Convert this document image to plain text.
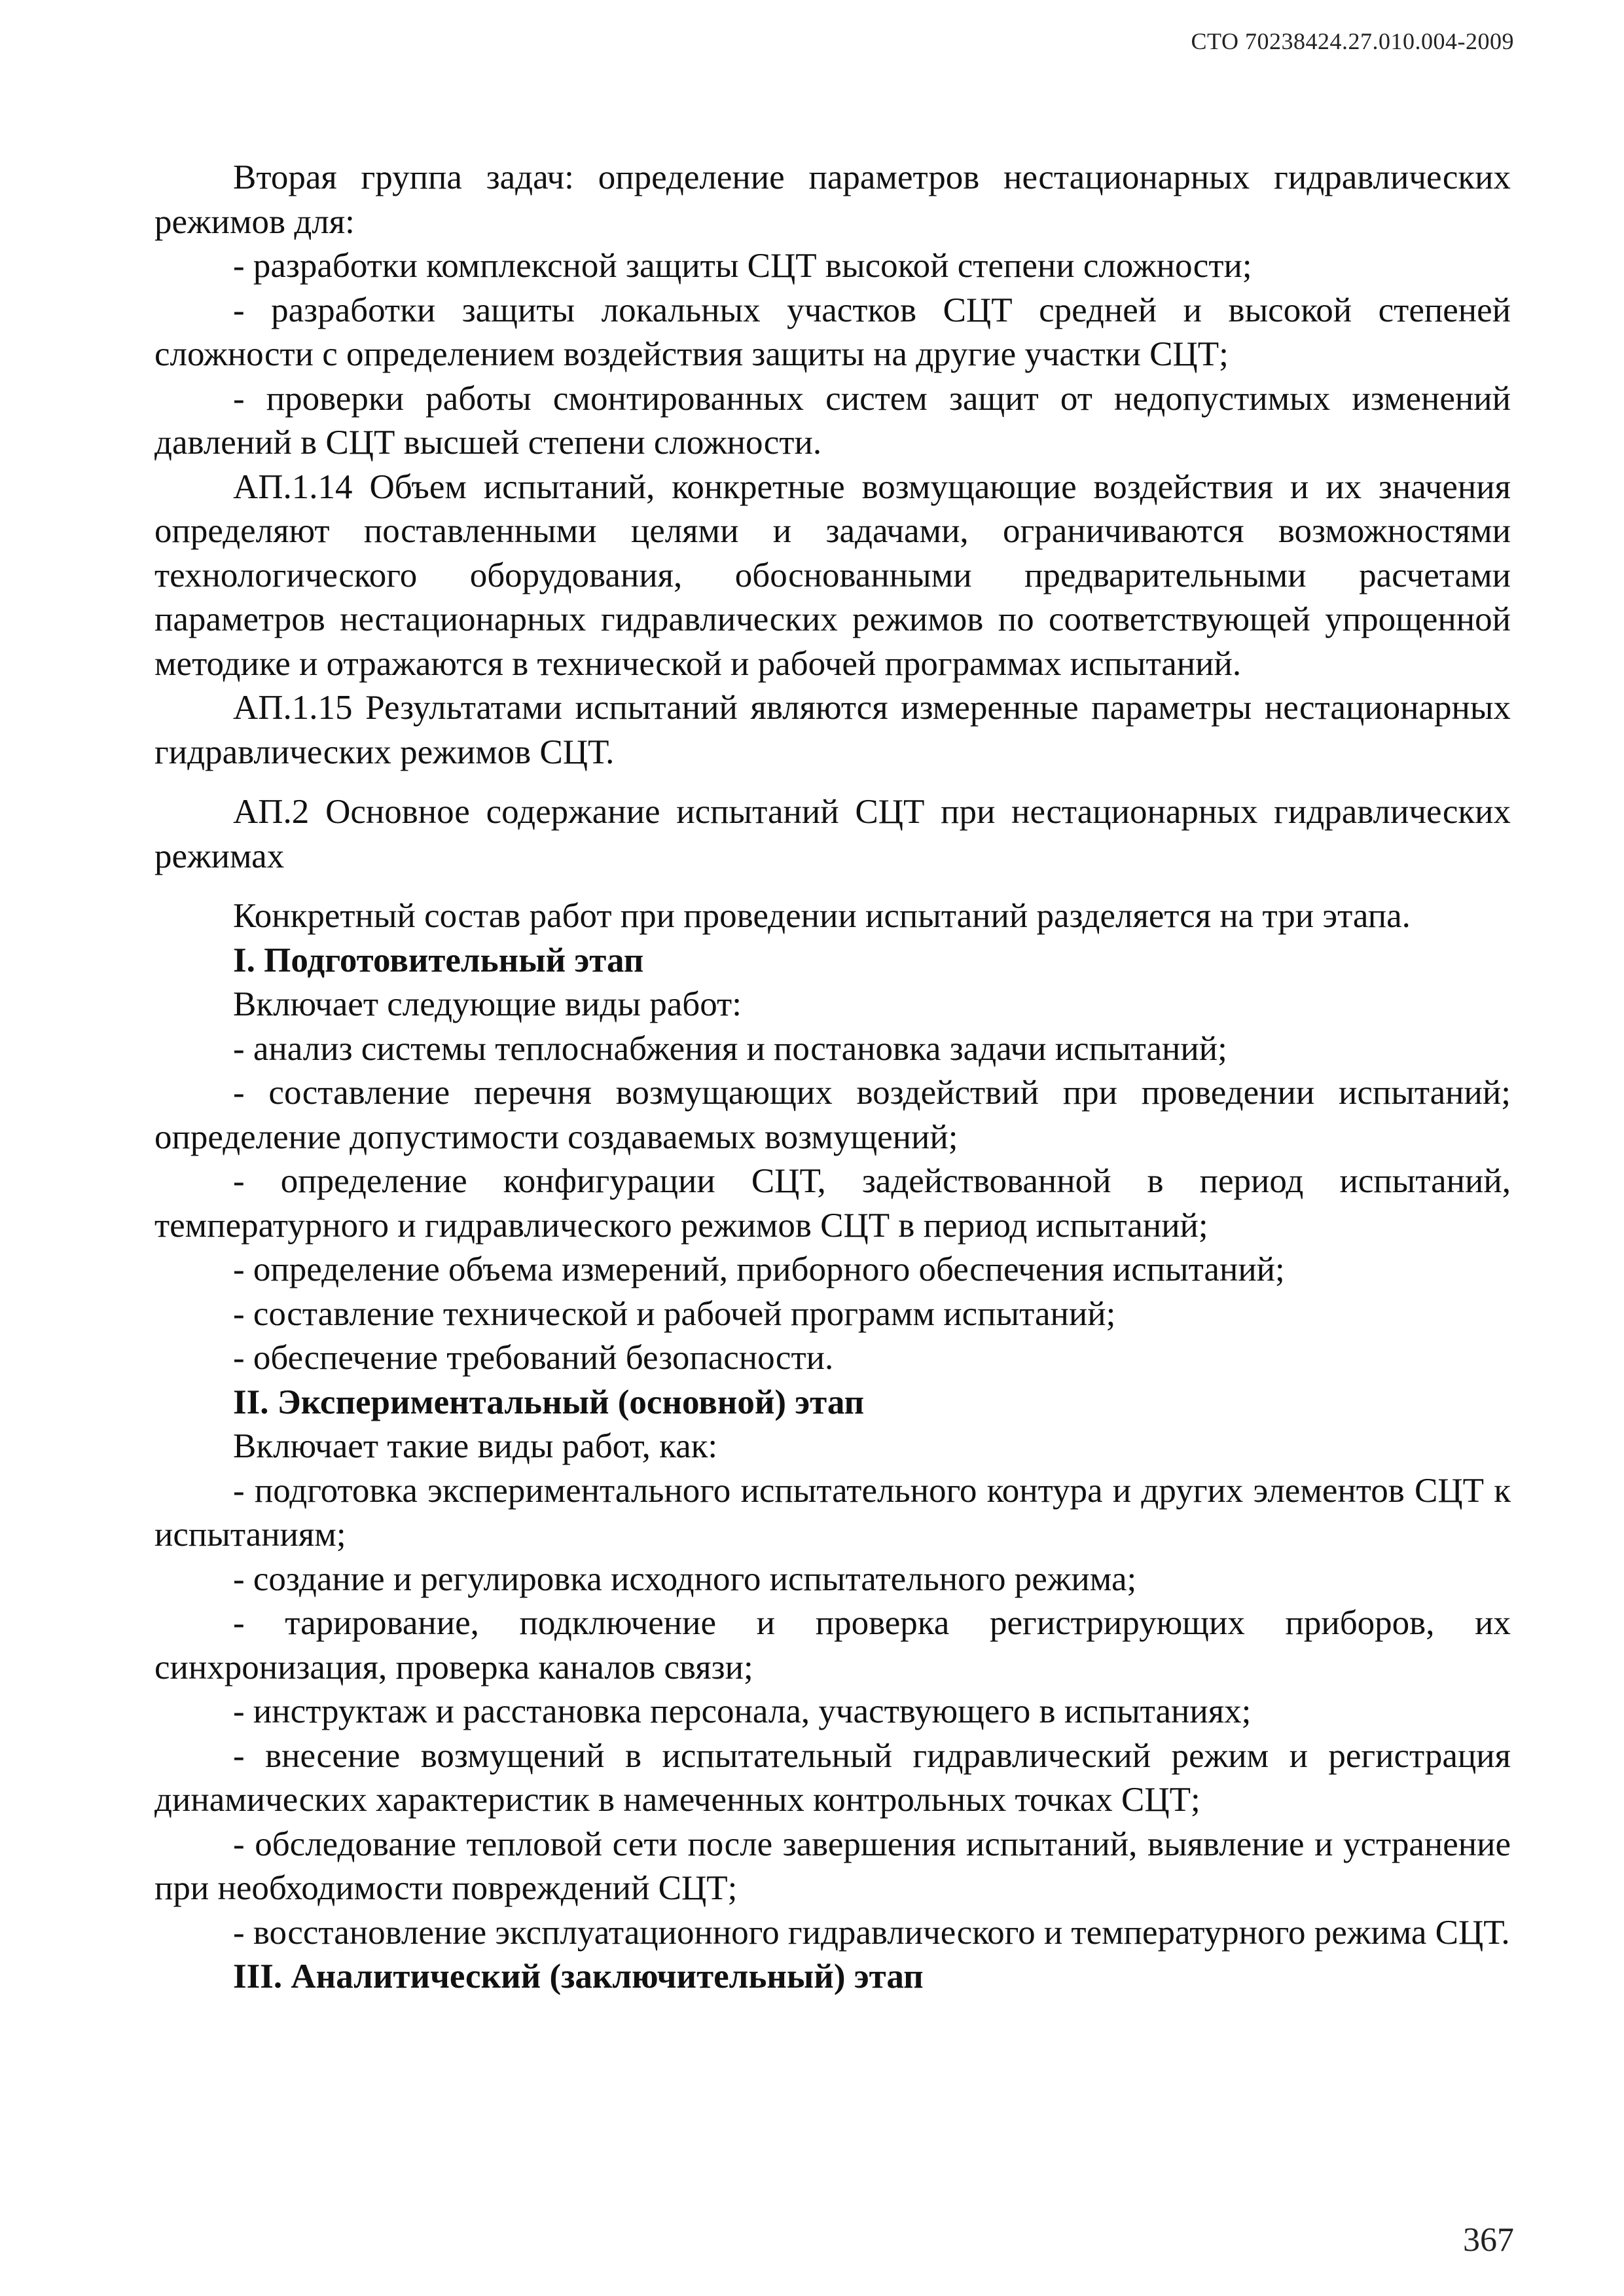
СТО 70238424.27.010.004-2009

Вторая группа задач: определение параметров нестационарных гидравлических режимов для:

- разработки комплексной защиты СЦТ высокой степени сложности;

- разработки защиты локальных участков СЦТ средней и высокой степеней сложности с определением воздействия защиты на другие участки СЦТ;

- проверки работы смонтированных систем защит от недопустимых изменений давлений в СЦТ высшей степени сложности.

АП.1.14 Объем испытаний, конкретные возмущающие воздействия и их значения определяют поставленными целями и задачами, ограничиваются возможностями технологического оборудования, обоснованными предварительными расчетами параметров нестационарных гидравлических режимов по соответствующей упрощенной методике и отражаются в технической и рабочей программах испытаний.

АП.1.15 Результатами испытаний являются измеренные параметры нестационарных гидравлических режимов СЦТ.

АП.2 Основное содержание испытаний СЦТ при нестационарных гидравлических режимах

Конкретный состав работ при проведении испытаний разделяется на три этапа.

I. Подготовительный этап

Включает следующие виды работ:

- анализ системы теплоснабжения и постановка задачи испытаний;

- составление перечня возмущающих воздействий при проведении испытаний; определение допустимости создаваемых возмущений;

- определение конфигурации СЦТ, задействованной в период испытаний, температурного и гидравлического режимов СЦТ в период испытаний;

- определение объема измерений, приборного обеспечения испытаний;

- составление технической и рабочей программ испытаний;

- обеспечение требований безопасности.

II. Экспериментальный (основной) этап

Включает такие виды работ, как:

- подготовка экспериментального испытательного контура и других элементов СЦТ к испытаниям;

- создание и регулировка исходного испытательного режима;

- тарирование, подключение и проверка регистрирующих приборов, их синхронизация, проверка каналов связи;

- инструктаж и расстановка персонала, участвующего в испытаниях;

- внесение возмущений в испытательный гидравлический режим и регистрация динамических характеристик в намеченных контрольных точках СЦТ;

- обследование тепловой сети после завершения испытаний, выявление и устранение при необходимости повреждений СЦТ;

- восстановление эксплуатационного гидравлического и температурного режима СЦТ.

III. Аналитический (заключительный) этап

367
